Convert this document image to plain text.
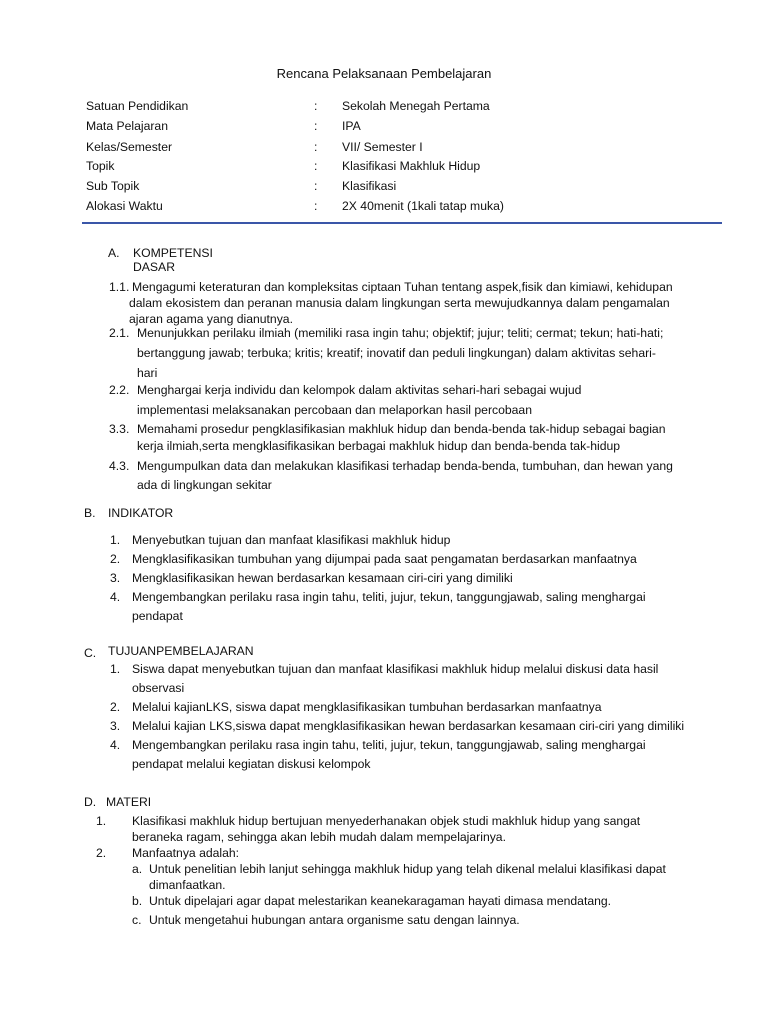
Rencana Pelaksanaan Pembelajaran
Satuan Pendidikan	: Sekolah Menegah Pertama
Mata Pelajaran	: IPA
Kelas/Semester	: VII/ Semester I
Topik	: Klasifikasi Makhluk Hidup
Sub Topik	: Klasifikasi
Alokasi Waktu	: 2X 40menit (1kali tatap muka)
A. KOMPETENSI DASAR
1.1. Mengagumi keteraturan dan kompleksitas ciptaan Tuhan tentang aspek,fisik dan kimiawi, kehidupan
dalam ekosistem dan peranan manusia dalam lingkungan serta mewujudkannya dalam pengamalan
ajaran agama yang dianutnya.
2.1. Menunjukkan perilaku ilmiah (memiliki rasa ingin tahu; objektif; jujur; teliti; cermat; tekun; hati-hati;
bertanggung jawab; terbuka; kritis; kreatif; inovatif dan peduli lingkungan) dalam aktivitas sehari-
hari
2.2. Menghargai kerja individu dan kelompok dalam aktivitas sehari-hari sebagai wujud
implementasi melaksanakan percobaan dan melaporkan hasil percobaan
3.3. Memahami prosedur pengklasifikasian makhluk hidup dan benda-benda tak-hidup sebagai bagian
kerja ilmiah,serta mengklasifikasikan berbagai makhluk hidup dan benda-benda tak-hidup
4.3. Mengumpulkan data dan melakukan klasifikasi terhadap benda-benda, tumbuhan, dan hewan yang
ada di lingkungan sekitar
B. INDIKATOR
1. Menyebutkan tujuan dan manfaat klasifikasi makhluk hidup
2. Mengklasifikasikan tumbuhan yang dijumpai pada saat pengamatan berdasarkan manfaatnya
3. Mengklasifikasikan hewan berdasarkan kesamaan ciri-ciri yang dimiliki
4. Mengembangkan perilaku rasa ingin tahu, teliti, jujur, tekun, tanggungjawab, saling menghargai
pendapat
C. TUJUANPEMBELAJARAN
1. Siswa dapat menyebutkan tujuan dan manfaat klasifikasi makhluk hidup melalui diskusi data hasil
observasi
2. Melalui kajianLKS, siswa dapat mengklasifikasikan tumbuhan berdasarkan manfaatnya
3. Melalui kajian LKS,siswa dapat mengklasifikasikan hewan berdasarkan kesamaan ciri-ciri yang dimiliki
4. Mengembangkan perilaku rasa ingin tahu, teliti, jujur, tekun, tanggungjawab, saling menghargai
pendapat melalui kegiatan diskusi kelompok
D. MATERI
1. Klasifikasi makhluk hidup bertujuan menyederhanakan objek studi makhluk hidup yang sangat
beraneka ragam, sehingga akan lebih mudah dalam mempelajarinya.
2. Manfaatnya adalah:
a. Untuk penelitian lebih lanjut sehingga makhluk hidup yang telah dikenal melalui klasifikasi dapat
dimanfaatkan.
b. Untuk dipelajari agar dapat melestarikan keanekaragaman hayati dimasa mendatang.
c. Untuk mengetahui hubungan antara organisme satu dengan lainnya.
